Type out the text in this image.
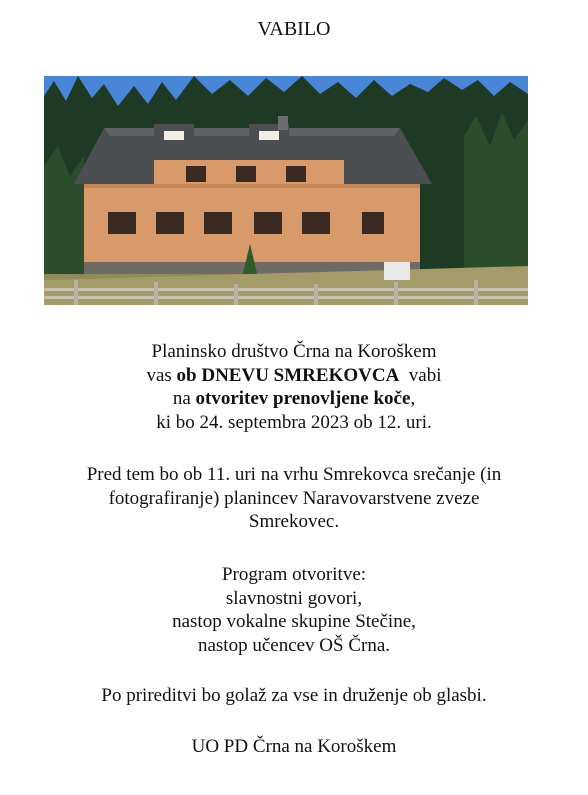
VABILO

Planinsko društvo Črna na Koroškem

vas ob DNEVU SMREKOVCA vabi

na otvoritev prenovljene koče,

ki bo 24. septembra 2023 ob 12. uri.

Pred tem bo ob 11. uri na vrhu Smrekovca srečanje (in

fotografiranje) planincev Naravovarstvene zveze

Smrekovec.

Program otvoritve:

slavnostni govori,

nastop vokalne skupine Stečine,

nastop učencev OŠ Črna.

Po prireditvi bo golaž za vse in druženje ob glasbi.
UO PD Črna na Koroškem
